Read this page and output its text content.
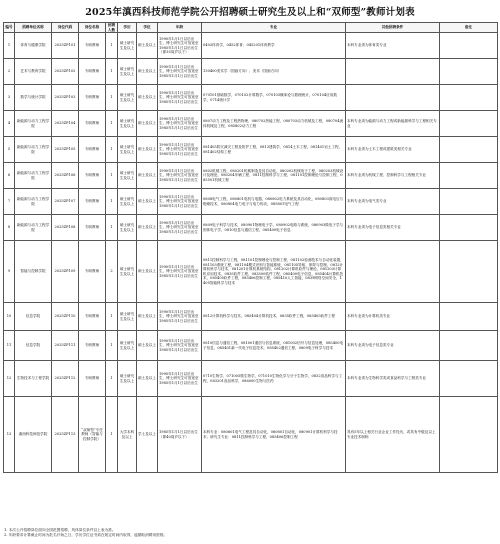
2025年滇西科技师范学院公开招聘硕士研究生及以上和“双师型”教师计划表
编号	招聘单位名称	岗位代码	岗位名称	招聘人数	学历	学位	年龄	专业	其他招聘条件	备注
1	体育与健康学院	2025ZP101	专职教师	1	硕士研究生及以上	硕士及以上	1990年1月1日以后出生，博士研究生可放宽至1985年1月1日以后出生（即35周岁以下）	0403体育学，0452体育；045201体育教学	本科专业须为体育类专业	
2	艺术与教育学院	2025ZP102	专职教师	1	硕士研究生及以上	硕士及以上	1990年1月1日以后出生，博士研究生可放宽至1985年1月1日以后出生	130400美术学（国画方向）；美术（国画方向）		
3	数学与统计学院	2025ZP103	专职教师	1	硕士研究生及以上	硕士及以上	1990年1月1日以后出生，博士研究生可放宽至1985年1月1日以后出生	070101基础数学，070102计算数学，070103概率论与数理统计，070104应用数学，0714统计学		
4	新能源与动力工程学院	2025ZP104	专职教师	1	硕士研究生及以上	硕士及以上	1990年1月1日以后出生，博士研究生可放宽至1985年1月1日以后出生	0807动力工程及工程热物理，080702热能工程，080703动力机械及工程，080704流体机械及工程，085802动力工程	本科专业须为能源与动力工程或新能源科学与工程相关专业	
5	新能源与动力工程学院	2025ZP105	专职教师	1	硕士研究生及以上	硕士及以上	1990年1月1日以后出生，博士研究生可放宽至1985年1月1日以后出生	081405防灾减灾工程及防护工程，0813建筑学，0814土木工程，081401岩土工程，081402结构工程	本科专业须为土木工程或建筑类相关专业	
6	新能源与动力工程学院	2025ZP106	专职教师	1	硕士研究生及以上	硕士及以上	1990年1月1日以后出生，博士研究生可放宽至1985年1月1日以后出生	0802机械工程，080201机械制造及其自动化，080202机械电子工程，080203机械设计及理论，080204车辆工程，0811控制科学与工程，081101控制理论与控制工程，085501机械工程	本科专业须为机械工程、控制科学与工程相关专业	
7	新能源与动力工程学院	2025ZP107	专职教师	1	硕士研究生及以上	硕士及以上	1990年1月1日以后出生，博士研究生可放宽至1985年1月1日以后出生	0808电气工程，080801电机与电器，080802电力系统及其自动化，080803高电压与绝缘技术，080804电力电子与电力传动，085801电气工程	本科专业须为电气类专业	
8	新能源与动力工程学院	2025ZP108	专职教师	1	硕士研究生及以上	硕士及以上	1990年1月1日以后出生，博士研究生可放宽至1985年1月1日以后出生	0809电子科学与技术，080901物理电子学，080902电路与系统，080903微电子学与固体电子学，0810信息与通信工程，085400电子信息	本科专业须为电子信息类相关专业	
9	智能与控制学院	2025ZP109	专职教师	2	硕士研究生及以上	硕士及以上	1990年1月1日以后出生，博士研究生可放宽至1985年1月1日以后出生	0811控制科学与工程，081101控制理论与控制工程，081102检测技术与自动化装置，081103系统工程，081104模式识别与智能系统，081105导航、制导与控制，0812计算机科学与技术，081201计算机系统结构，081202计算机软件与理论，081203计算机应用技术，0835软件工程，083500软件工程，085400电子信息，085404计算机技术，085405软件工程，085406控制工程，085410人工智能，0839网络空间安全，1405智能科学与技术		
10	信息学院	2025ZP110	专职教师	1	硕士研究生及以上	硕士及以上	1990年1月1日以后出生，博士研究生可放宽至1985年1月1日以后出生	0812计算机科学与技术，085404计算机技术，0835软件工程，085405软件工程	本科专业须为计算机类专业	
11	信息学院	2025ZP111	专职教师	1	硕士研究生及以上	硕士及以上	1990年1月1日以后出生，博士研究生可放宽至1985年1月1日以后出生	0810信息与通信工程，081001通信与信息系统，081002信号与信息处理，085400电子信息，085401新一代电子信息技术，085402通信工程，0809电子科学与技术	本科专业须为电子信息类专业	
12	生物技术与工程学院	2025ZP112	专职教师	1	硕士研究生及以上	硕士及以上	1990年1月1日以后出生，博士研究生可放宽至1985年1月1日以后出生	0710生物学，071005微生物学，071010生物化学与分子生物学，0832食品科学与工程，083201食品科学，086000生物与医药	本科专业须为生物科学类或食品科学与工程类专业	
13	滇西科技师范学院	2025ZP113	“双师型”专任教师（智能与控制学院）	1	大学本科及以上	学士及以上	1985年1月1日以后出生（即40周岁以下）	本科专业：080601电气工程及其自动化，080801自动化，080901计算机科学与技术；研究生专业：0811控制科学与工程，085406控制工程	具有5年以上相关行业企业工作经历，或具有中级及以上专业技术职称	
1. 本次公开招聘岗位面向全国范围招聘，具体岗位条件以上表为准。
2. 年龄要求计算截止时间为报名开始之日，学历学位证书须在规定时间内取得，逾期取消聘用资格。
